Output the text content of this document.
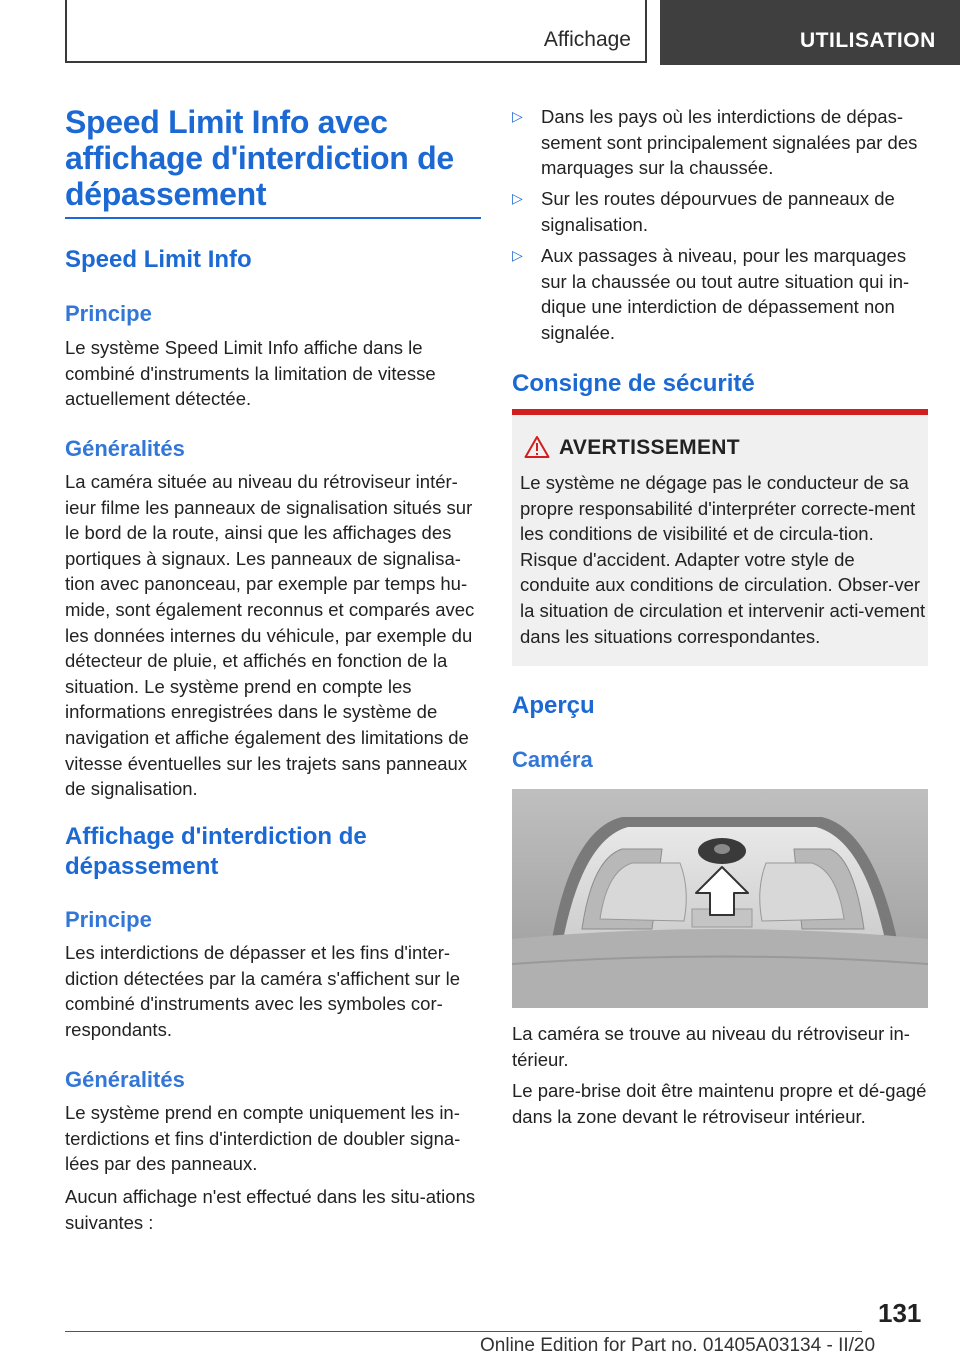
Affichage	UTILISATION
Speed Limit Info avec affichage d'interdiction de dépassement
Speed Limit Info
Principe
Le système Speed Limit Info affiche dans le combiné d'instruments la limitation de vitesse actuellement détectée.
Généralités
La caméra située au niveau du rétroviseur intér-ieur filme les panneaux de signalisation situés sur le bord de la route, ainsi que les affichages des portiques à signaux. Les panneaux de signalisa-tion avec panonceau, par exemple par temps hu-mide, sont également reconnus et comparés avec les données internes du véhicule, par exemple du détecteur de pluie, et affichés en fonction de la situation. Le système prend en compte les informations enregistrées dans le système de navigation et affiche également des limitations de vitesse éventuelles sur les trajets sans panneaux de signalisation.
Affichage d'interdiction de dépassement
Principe
Les interdictions de dépasser et les fins d'inter-diction détectées par la caméra s'affichent sur le combiné d'instruments avec les symboles cor-respondants.
Généralités
Le système prend en compte uniquement les in-terdictions et fins d'interdiction de doubler signa-lées par des panneaux.
Aucun affichage n'est effectué dans les situ-ations suivantes :
▷ Dans les pays où les interdictions de dépas-sement sont principalement signalées par des marquages sur la chaussée.
▷ Sur les routes dépourvues de panneaux de signalisation.
▷ Aux passages à niveau, pour les marquages sur la chaussée ou tout autre situation qui in-dique une interdiction de dépassement non signalée.
Consigne de sécurité
AVERTISSEMENT
Le système ne dégage pas le conducteur de sa propre responsabilité d'interpréter correcte-ment les conditions de visibilité et de circula-tion. Risque d'accident. Adapter votre style de conduite aux conditions de circulation. Obser-ver la situation de circulation et intervenir acti-vement dans les situations correspondantes.
Aperçu
Caméra
La caméra se trouve au niveau du rétroviseur in-térieur.
Le pare-brise doit être maintenu propre et dé-gagé dans la zone devant le rétroviseur intérieur.
131
Online Edition for Part no. 01405A03134 - II/20
